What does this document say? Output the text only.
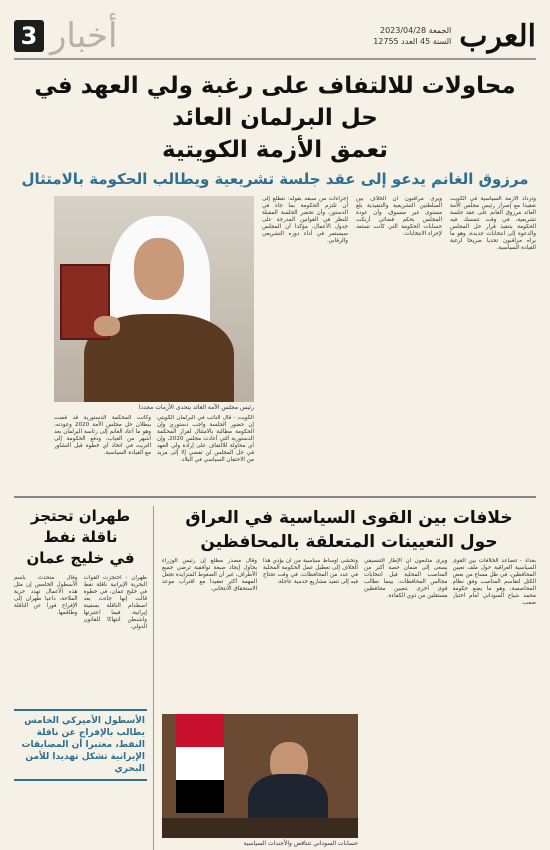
العرب
الجمعة 2023/04/28
السنة 45 العدد 12755
أخبار
3
محاولات للالتفاف على رغبة ولي العهد في حل البرلمان العائد
تعمق الأزمة الكويتية
مرزوق الغانم يدعو إلى عقد جلسة تشريعية ويطالب الحكومة بالامتثال
وتزداد الأزمة السياسية في الكويت تعقيدا مع إصرار رئيس مجلس الأمة العائد مرزوق الغانم على عقد جلسة تشريعية، في وقت تتمسك فيه الحكومة بتنفيذ قرار حل المجلس والدعوة إلى انتخابات جديدة، وهو ما يراه مراقبون تحديا صريحا لرغبة القيادة السياسية.
ويرى مراقبون أن الخلاف بين السلطتين التشريعية والتنفيذية بلغ مستوى غير مسبوق، وأن عودة المجلس بحكم قضائي أربكت حسابات الحكومة التي كانت تستعد لإجراء الانتخابات.
إجراءات من سبقه بقوله: نتطلع إلى أن تلتزم الحكومة بما جاء في الدستور، وأن تحضر الجلسة المقبلة للنظر في القوانين المدرجة على جدول الأعمال، مؤكدا أن المجلس سيستمر في أداء دوره التشريعي والرقابي.
رئيس مجلس الأمة العائد يتحدى الأزمات مجددا
الكويت - قال النائب في البرلمان الكويتي إن حضور الجلسة واجب دستوري وإن الحكومة مطالبة بالامتثال لقرار المحكمة الدستورية التي أعادت مجلس 2020، وإن أي محاولة للالتفاف على إرادة ولي العهد في حل المجلس لن تفضي إلا إلى مزيد من الاحتقان السياسي في البلاد.
وكانت المحكمة الدستورية قد قضت ببطلان حل مجلس الأمة 2020 وعودته، وهو ما أعاد الغانم إلى رئاسة البرلمان بعد أشهر من الغياب، ودفع الحكومة إلى التريث في اتخاذ أي خطوة قبل التشاور مع القيادة السياسية.
خلافات بين القوى السياسية في العراق
حول التعيينات المتعلقة بالمحافظين
بغداد - تتصاعد الخلافات بين القوى السياسية العراقية حول ملف تعيين المحافظين، في ظل مساع من بعض الكتل لتقاسم المناصب وفق نظام المحاصصة، وهو ما يضع حكومة محمد شياع السوداني أمام اختبار صعب.
ويرى متابعون أن الإطار التنسيقي يسعى إلى ضمان حصة أكبر من المناصب المحلية قبل انتخابات مجالس المحافظات، بينما تطالب قوى أخرى بتعيين محافظين مستقلين من ذوي الكفاءة.
وتخشى أوساط سياسية من أن يؤدي هذا الخلاف إلى تعطيل عمل الحكومة المحلية في عدد من المحافظات، في وقت تحتاج فيه إلى تنفيذ مشاريع خدمية عاجلة.
وقال مصدر مطلع إن رئيس الوزراء يحاول إيجاد صيغة توافقية ترضي جميع الأطراف، غير أن الضغوط المتزايدة تجعل المهمة أكثر تعقيدا مع اقتراب موعد الاستحقاق الانتخابي.
حسابات السوداني تتناقض والأجندات السياسية
طهران تحتجز ناقلة نفط
في خليج عمان
طهران - احتجزت القوات البحرية الإيرانية ناقلة نفط في خليج عمان، في خطوة قالت إنها جاءت بعد اصطدام الناقلة بسفينة إيرانية، فيما اعتبرتها واشنطن انتهاكا للقانون الدولي.
وقال متحدث باسم الأسطول الخامس إن مثل هذه الأعمال تهدد حرية الملاحة، داعيا طهران إلى الإفراج فورا عن الناقلة وطاقمها.
الأسطول الأميركي الخامس يطالب بالإفراج عن ناقلة النفط، معتبرا أن المضايقات الإيرانية تشكل تهديدا للأمن البحري
